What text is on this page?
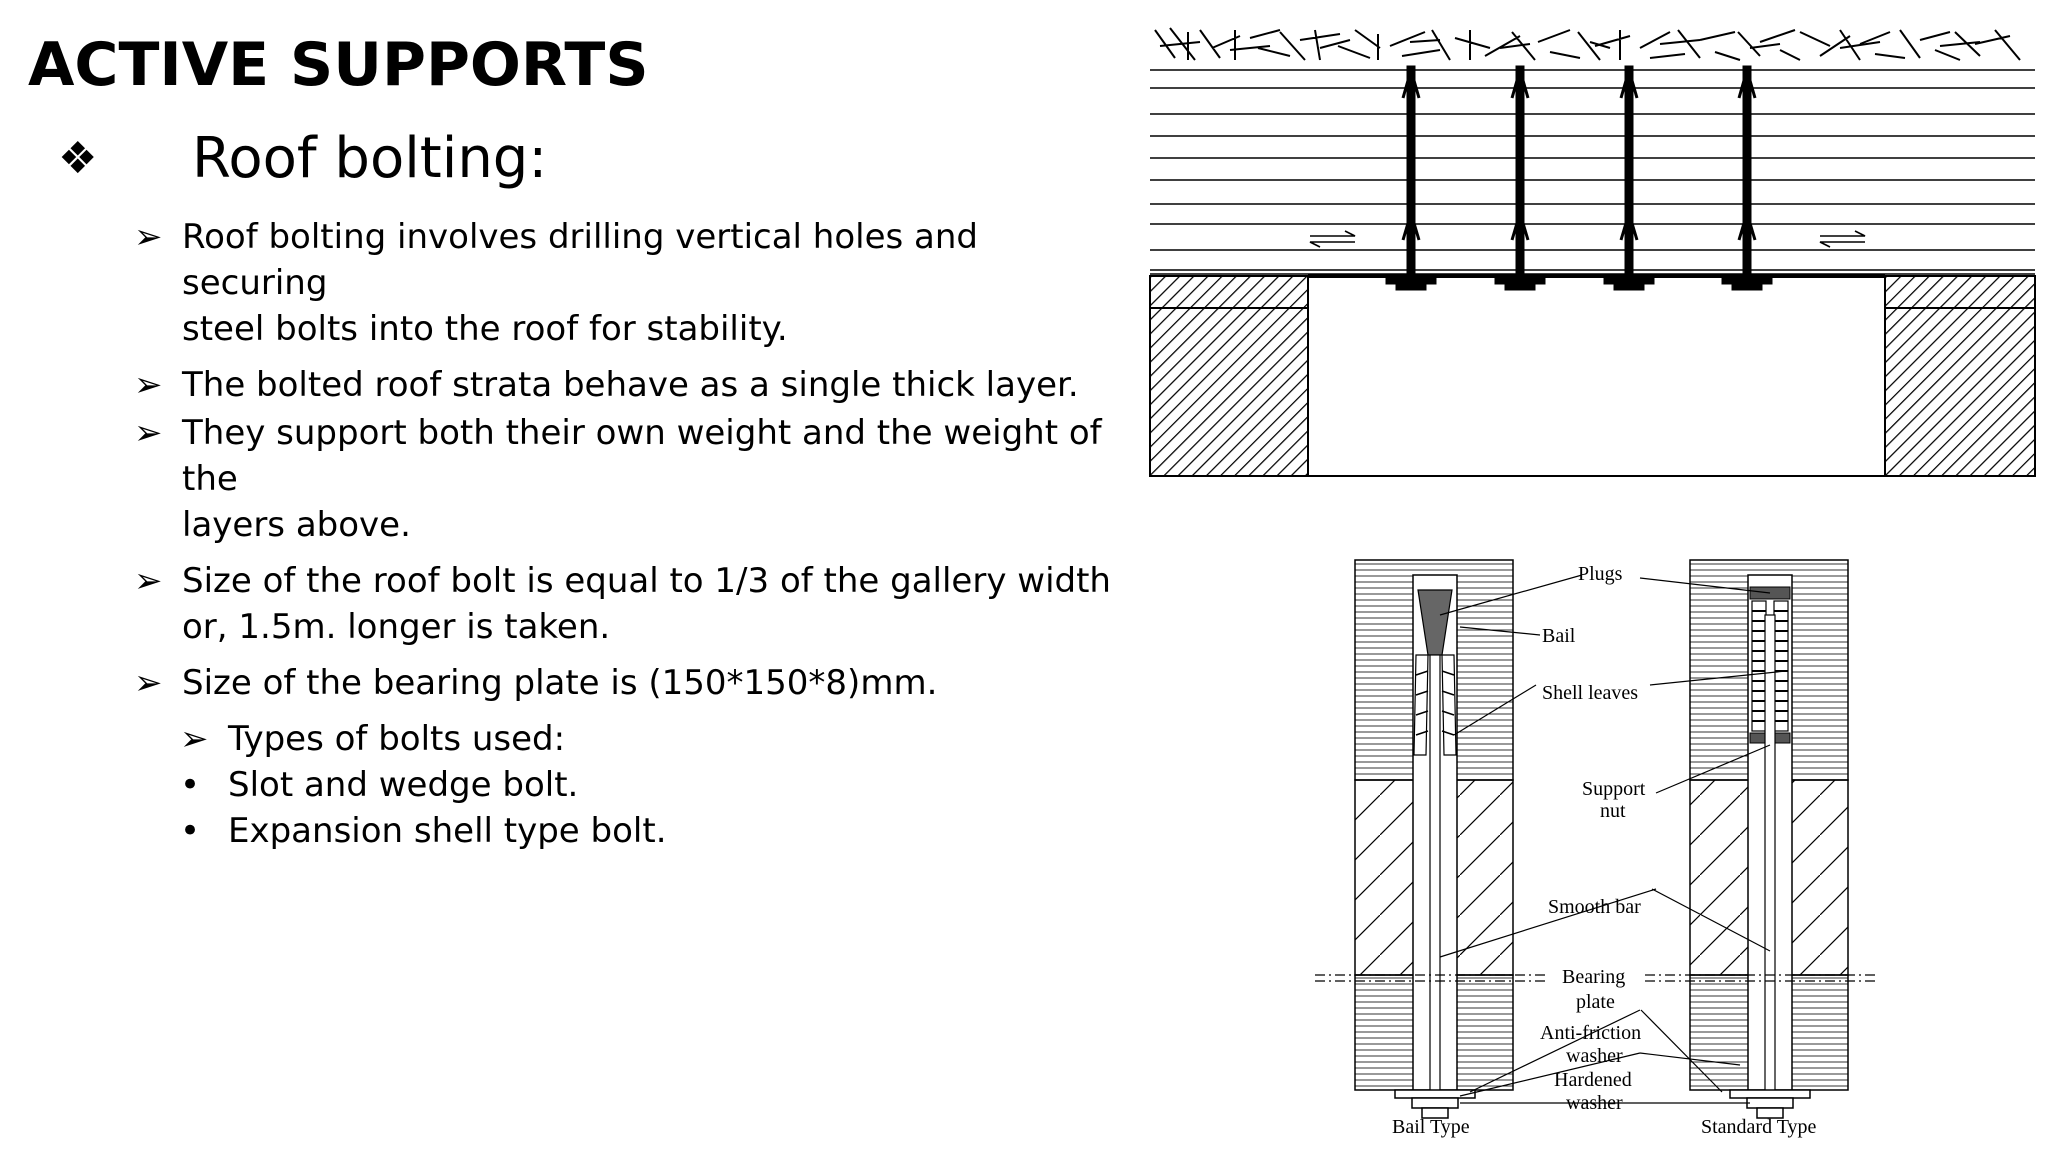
ACTIVE SUPPORTS
❖	Roof bolting:
➢ Roof bolting involves drilling vertical holes and securing
steel bolts into the roof for stability.
➢ The bolted roof strata behave as a single thick layer.
➢ They support both their own weight and the weight of the
layers above.
➢ Size of the roof bolt is equal to 1/3 of the gallery width
or, 1.5m. longer is taken.
➢ Size of the bearing plate is (150*150*8)mm.
➢ Types of bolts used:
• Slot and wedge bolt.
• Expansion shell type bolt.
Plugs
Bail
Shell leaves
Support
nut
Smooth bar
Bearing
plate
Anti-friction
washer
Hardened
washer
Bail Type	Standard Type
